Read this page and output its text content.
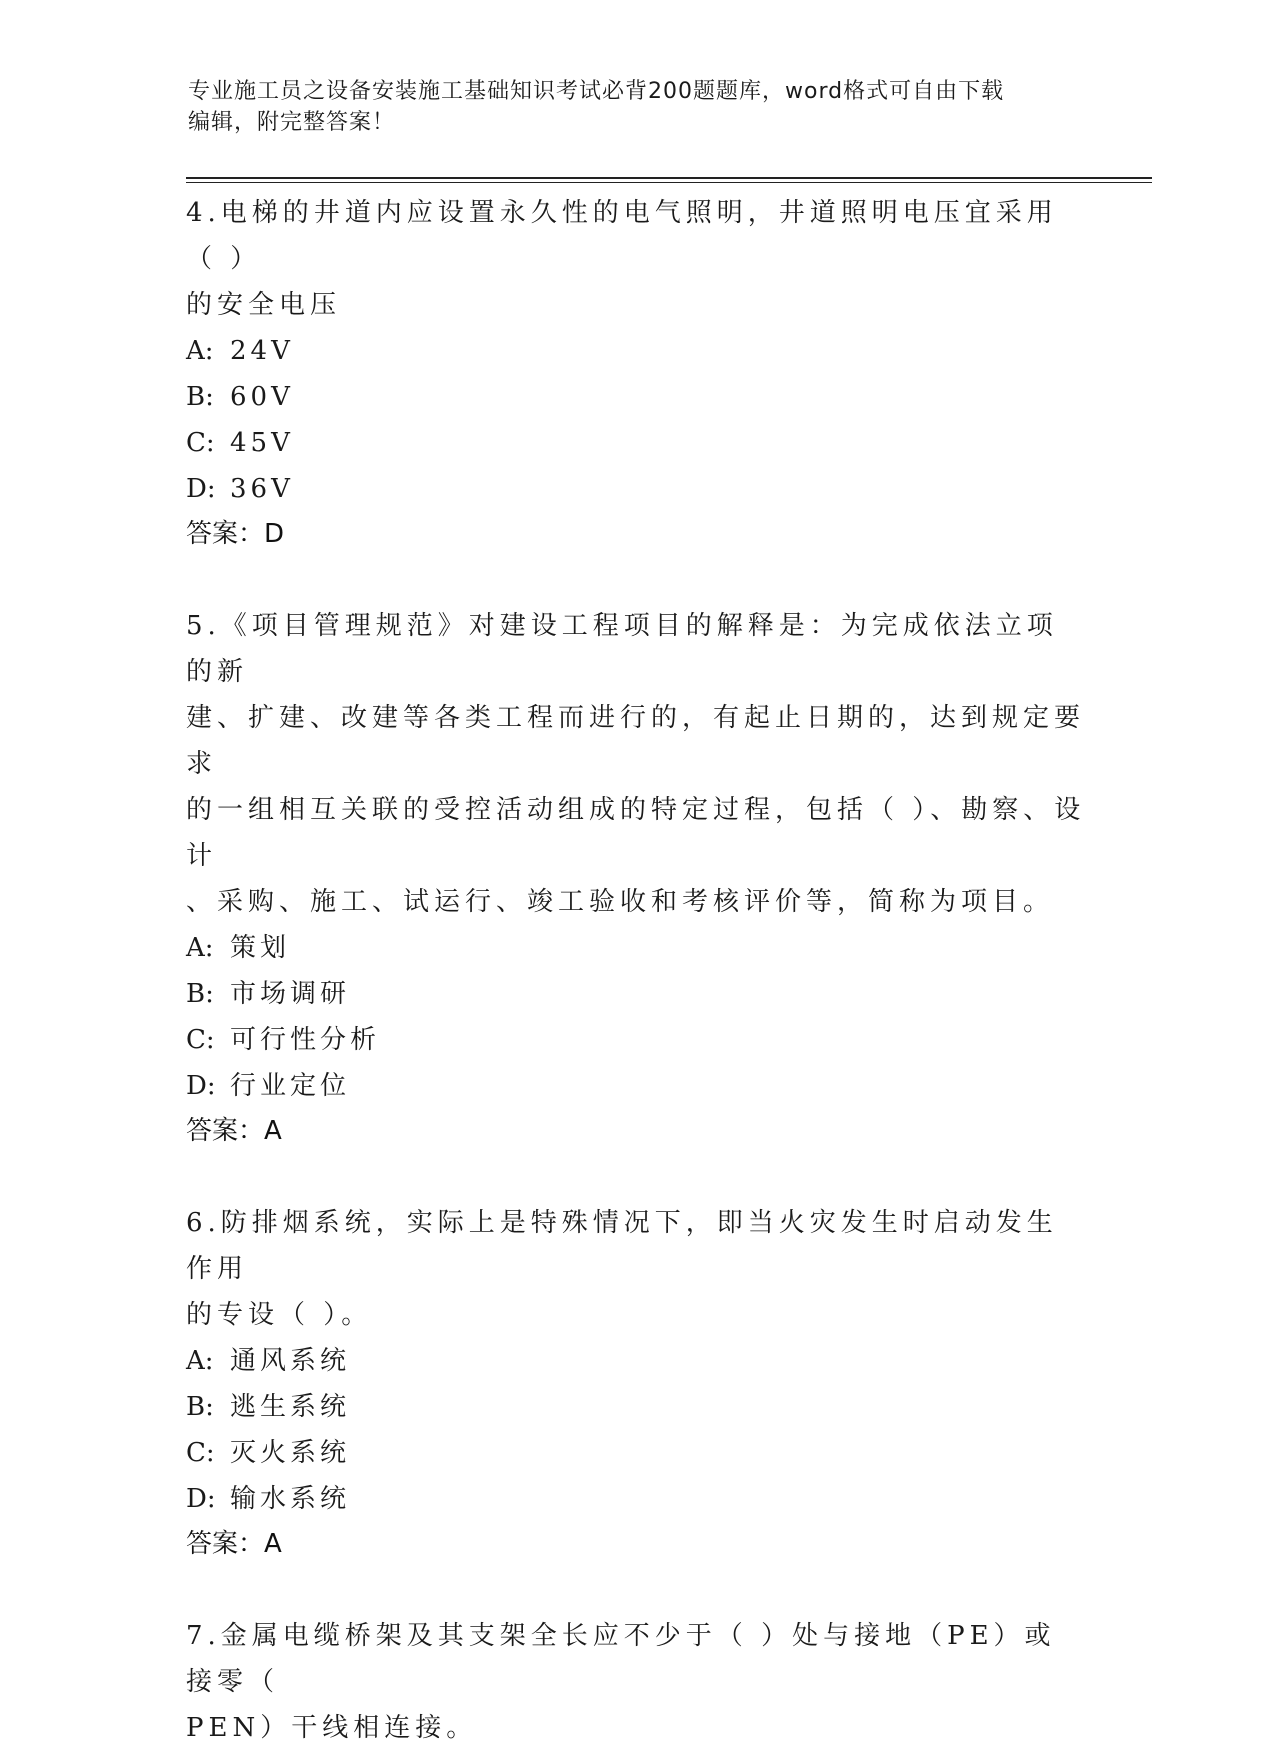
专业施工员之设备安装施工基础知识考试必背200题题库，word格式可自由下载
编辑，附完整答案！
4.电梯的井道内应设置永久性的电气照明，井道照明电压宜采用（ ）
的安全电压
A: 24V
B: 60V
C: 45V
D: 36V
答案：D
5.《项目管理规范》对建设工程项目的解释是：为完成依法立项的新
建、扩建、改建等各类工程而进行的，有起止日期的，达到规定要求
的一组相互关联的受控活动组成的特定过程，包括（ ）、勘察、设计
、采购、施工、试运行、竣工验收和考核评价等，简称为项目。
A: 策划
B: 市场调研
C: 可行性分析
D: 行业定位
答案：A
6.防排烟系统，实际上是特殊情况下，即当火灾发生时启动发生作用
的专设（ ）。
A: 通风系统
B: 逃生系统
C: 灭火系统
D: 输水系统
答案：A
7.金属电缆桥架及其支架全长应不少于（ ）处与接地（PE）或接零（
PEN）干线相连接。
